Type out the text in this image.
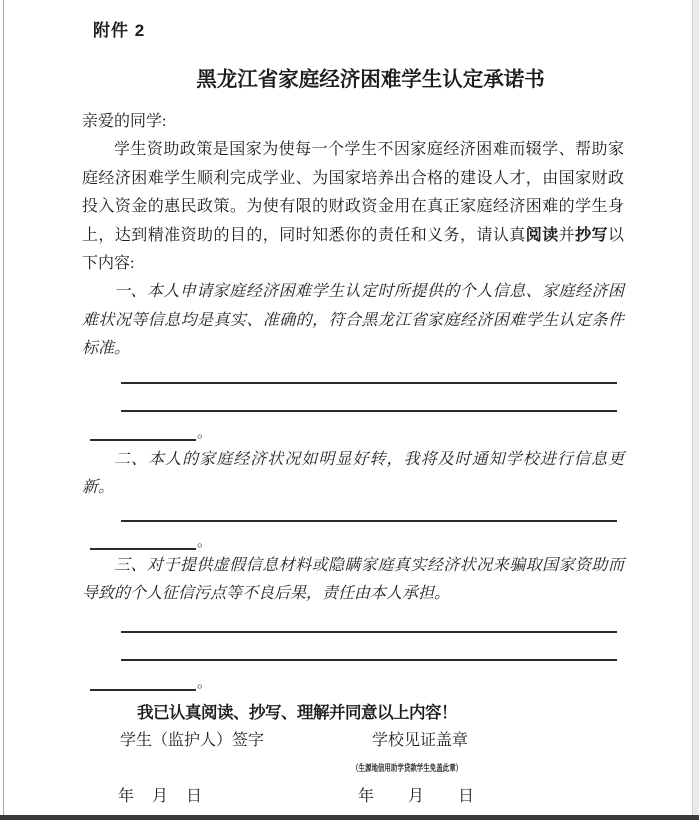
附件 2
黑龙江省家庭经济困难学生认定承诺书

亲爱的同学:

学生资助政策是国家为使每一个学生不因家庭经济困难而辍学、帮助家庭经济困难学生顺利完成学业、为国家培养出合格的建设人才，由国家财政投入资金的惠民政策。为使有限的财政资金用在真正家庭经济困难的学生身上，达到精准资助的目的，同时知悉你的责任和义务，请认真阅读并抄写以下内容:

一、本人申请家庭经济困难学生认定时所提供的个人信息、家庭经济困难状况等信息均是真实、准确的，符合黑龙江省家庭经济困难学生认定条件标准。

。
二、本人的家庭经济状况如明显好转，我将及时通知学校进行信息更新。
。
三、对于提供虚假信息材料或隐瞒家庭真实经济状况来骗取国家资助而导致的个人征信污点等不良后果，责任由本人承担。
。
我已认真阅读、抄写、理解并同意以上内容！
学生（监护人）签字	学校见证盖章
（生源地信用助学贷款学生免盖此章）
年 月 日	年 月 日
